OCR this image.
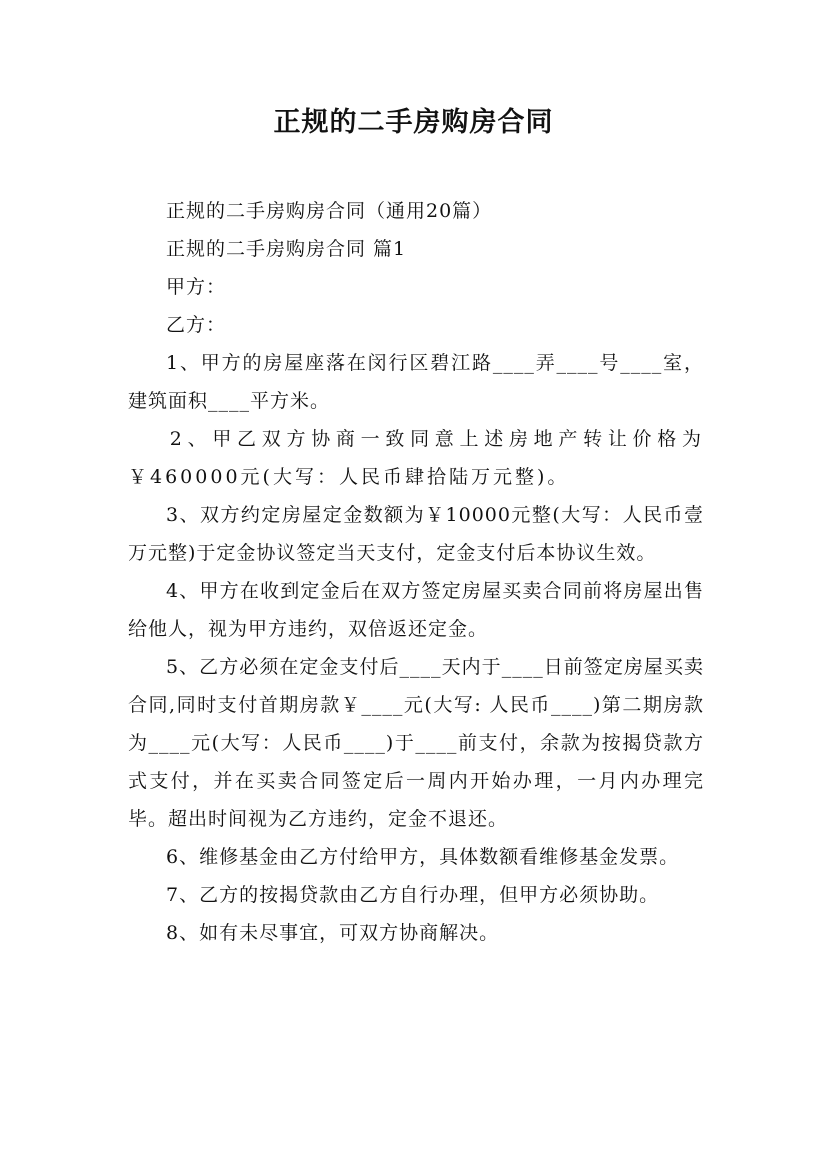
正规的二手房购房合同

正规的二手房购房合同（通用20篇）

正规的二手房购房合同 篇1

甲方：

乙方：

1、甲方的房屋座落在闵行区碧江路____弄____号____室，建筑面积____平方米。

2、甲乙双方协商一致同意上述房地产转让价格为￥460000元(大写：人民币肆拾陆万元整)。

3、双方约定房屋定金数额为￥10000元整(大写：人民币壹万元整)于定金协议签定当天支付，定金支付后本协议生效。

4、甲方在收到定金后在双方签定房屋买卖合同前将房屋出售给他人，视为甲方违约，双倍返还定金。

5、乙方必须在定金支付后____天内于____日前签定房屋买卖合同,同时支付首期房款￥____元(大写: 人民币____)第二期房款为____元(大写：人民币____)于____前支付，余款为按揭贷款方式支付，并在买卖合同签定后一周内开始办理，一月内办理完毕。超出时间视为乙方违约，定金不退还。

6、维修基金由乙方付给甲方，具体数额看维修基金发票。

7、乙方的按揭贷款由乙方自行办理，但甲方必须协助。

8、如有未尽事宜，可双方协商解决。
